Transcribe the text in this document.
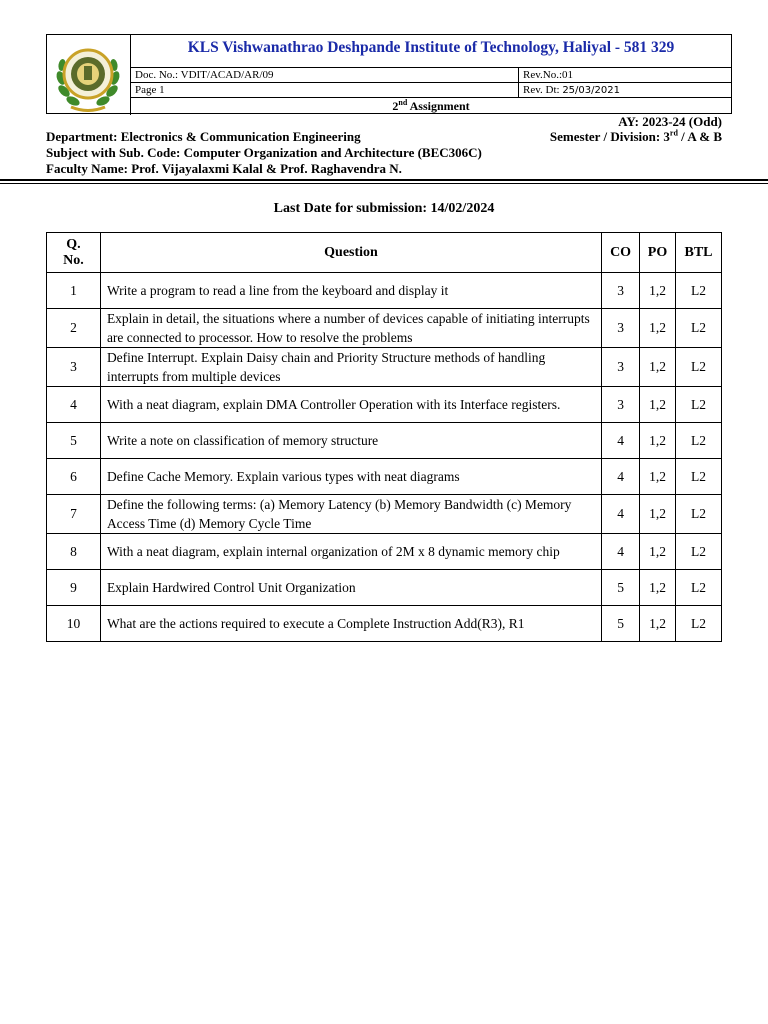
KLS Vishwanathrao Deshpande Institute of Technology, Haliyal - 581 329
Doc. No.: VDIT/ACAD/AR/09	Rev.No.:01
Page 1	Rev. Dt: 25/03/2021
2nd Assignment
AY: 2023-24 (Odd)
Department: Electronics & Communication Engineering	Semester / Division: 3rd / A & B
Subject with Sub. Code: Computer Organization and Architecture (BEC306C)
Faculty Name: Prof. Vijayalaxmi Kalal & Prof. Raghavendra N.
Last Date for submission: 14/02/2024
Q.
No.	Question	CO	PO	BTL
1	Write a program to read a line from the keyboard and display it	3	1,2	L2
2	Explain in detail, the situations where a number of devices capable of initiating interrupts are connected to processor. How to resolve the problems	3	1,2	L2
3	Define Interrupt. Explain Daisy chain and Priority Structure methods of handling interrupts from multiple devices	3	1,2	L2
4	With a neat diagram, explain DMA Controller Operation with its Interface registers.	3	1,2	L2
5	Write a note on classification of memory structure	4	1,2	L2
6	Define Cache Memory. Explain various types with neat diagrams	4	1,2	L2
7	Define the following terms: (a) Memory Latency (b) Memory Bandwidth (c) Memory Access Time (d) Memory Cycle Time	4	1,2	L2
8	With a neat diagram, explain internal organization of 2M x 8 dynamic memory chip	4	1,2	L2
9	Explain Hardwired Control Unit Organization	5	1,2	L2
10	What are the actions required to execute a Complete Instruction Add(R3), R1	5	1,2	L2
